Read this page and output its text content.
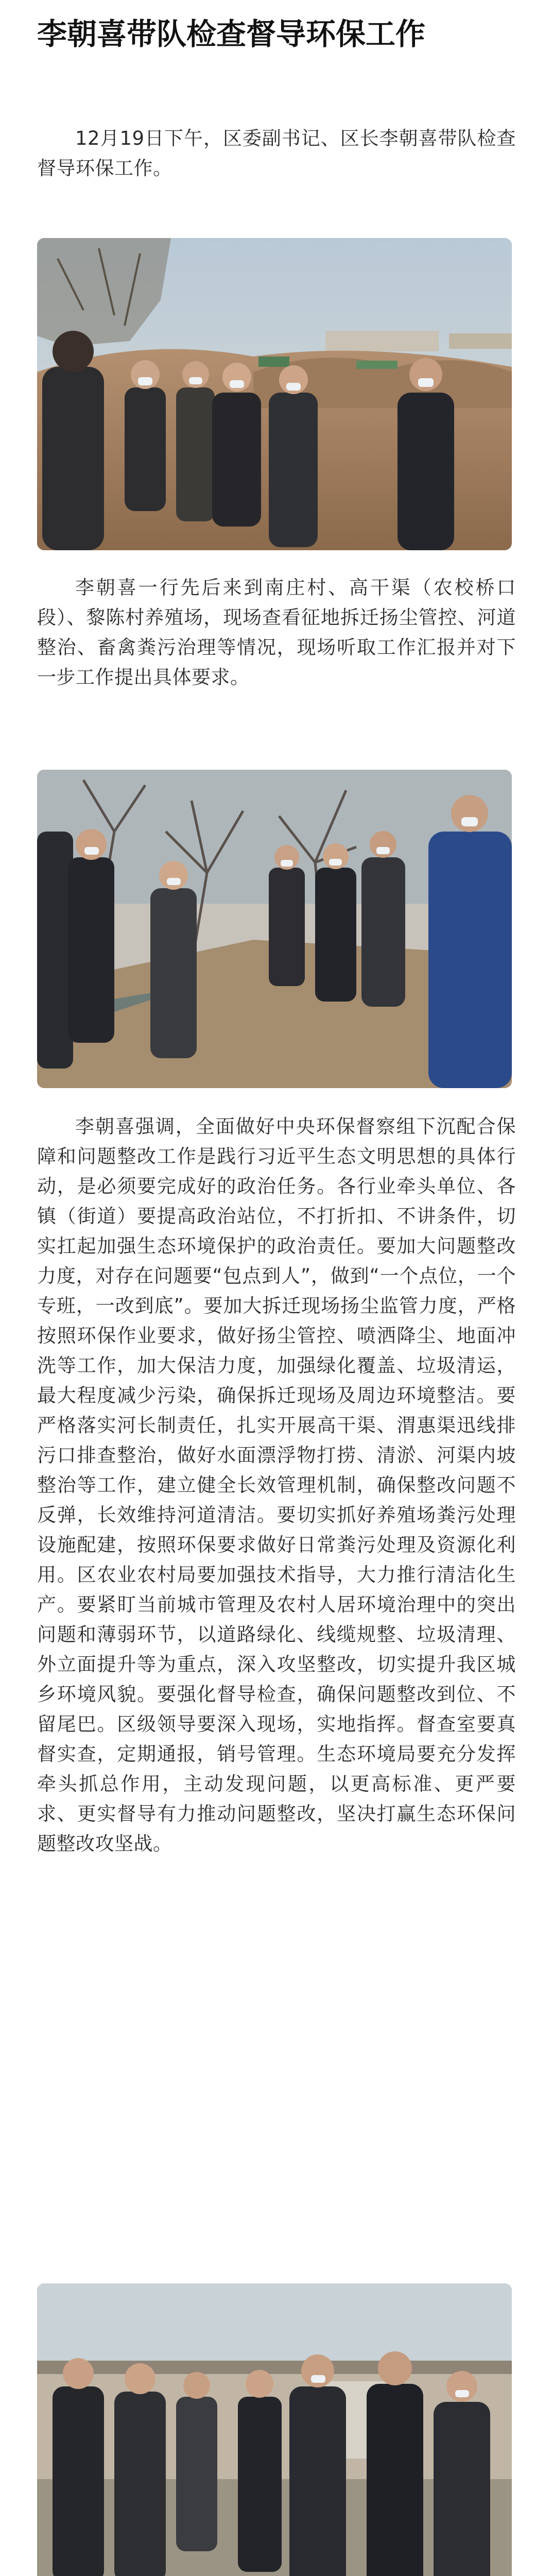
李朝喜带队检查督导环保工作

12月19日下午，区委副书记、区长李朝喜带队检查督导环保工作。

李朝喜一行先后来到南庄村、高干渠（农校桥口段）、黎陈村养殖场，现场查看征地拆迁扬尘管控、河道整治、畜禽粪污治理等情况，现场听取工作汇报并对下一步工作提出具体要求。

李朝喜强调，全面做好中央环保督察组下沉配合保障和问题整改工作是践行习近平生态文明思想的具体行动，是必须要完成好的政治任务。各行业牵头单位、各镇（街道）要提高政治站位，不打折扣、不讲条件，切实扛起加强生态环境保护的政治责任。要加大问题整改力度，对存在问题要“包点到人”，做到“一个点位，一个专班，一改到底”。要加大拆迁现场扬尘监管力度，严格按照环保作业要求，做好扬尘管控、喷洒降尘、地面冲洗等工作，加大保洁力度，加强绿化覆盖、垃圾清运，最大程度减少污染，确保拆迁现场及周边环境整洁。要严格落实河长制责任，扎实开展高干渠、渭惠渠迅线排污口排查整治，做好水面漂浮物打捞、清淤、河渠内坡整治等工作，建立健全长效管理机制，确保整改问题不反弹，长效维持河道清洁。要切实抓好养殖场粪污处理设施配建，按照环保要求做好日常粪污处理及资源化利用。区农业农村局要加强技术指导，大力推行清洁化生产。要紧盯当前城市管理及农村人居环境治理中的突出问题和薄弱环节，以道路绿化、线缆规整、垃圾清理、外立面提升等为重点，深入攻坚整改，切实提升我区城乡环境风貌。要强化督导检查，确保问题整改到位、不留尾巴。区级领导要深入现场，实地指挥。督查室要真督实查，定期通报，销号管理。生态环境局要充分发挥牵头抓总作用，主动发现问题，以更高标准、更严要求、更实督导有力推动问题整改，坚决打赢生态环保问题整改攻坚战。
